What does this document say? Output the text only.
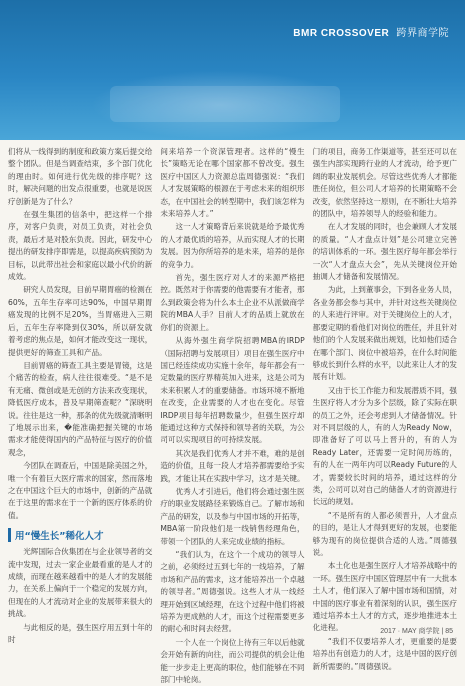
BMR CROSSOVER 跨界商学院

们将从一线得到的制度和政策方案后提交给整个团队。但是当调查结束，多个部门优化的理由时。如何进行优先级的排序呢？这时，解决问题的出发点很重要，也就是说医疗创新是为了什么？

在强生集团的信条中，把这样一个排序，对客户负责，对员工负责，对社会负责，最后才是对股东负责。因此，研发中心提出的研发排序即需是，以提高疾病预防为目标，以此带出社会和家庭以最小代价的新成效。

研究人员发现，目前早期胃癌的检测在60%，五年生存率可达90%，中国早期胃癌发现的比例不足20%，当胃癌进入三期后，五年生存率降到仅30%，所以研发就着考虑的焦点是，如何才能改变这一现状，提供更好的筛查工具和产品。

目前胃癌的筛查工具主要是胃镜，这是个痛苦的检查，病人往往很难受。“是不是有无痛、微创或是无创的方法来改变现状，降低医疗成本，普及早期筛查呢？”深晓明说。往往是这一种，那条的优先级就清晰明了地展示出来，�能准确把握关键的市场需求才能使得国内的产品特征与医疗的价值观念，

今团队在调查后，中国是除美国之外，唯一个有着巨大医疗需求的国家，然而落地之在中国这个巨大的市场中，创新的产品就在于这里的需求在于一个新的医疗体系的价值。

用“慢生长”稀化人才

光辉国际合伙集团在与企业领导者的交流中发现，过去一家企业最看重的是人才的成绩，而现在越来越看中的是人才的发展能力，在关系上偏向于一个稳定的发展方向，但现在的人才流动对企业的发展带来很大的挑战。

与此相反的是，强生医疗用五到十年的时

间来培养一个资深管理者。这样的“慢生长”策略无论在哪个国家都不曾改变。强生医疗中国区人力资源总监周德强说：“我们人才发展策略的根源在于考虑未来的组织形态，在中国社会的转型期中，我们该怎样为未来培养人才。”

这一人才策略背后来说就是给予最优秀的人才最优质的培养，从而实现人才的长期发展。因为你所培养的是未来，培养的是你的竞争力。

首先，强生医疗对人才的来源严格把控。既然对于你需要的他需要有才能者，那么到政策会将为什么本土企业不从派做商学院的MBA人手？目前人才的品质上就放在你们的资源上。

从海外强生商学院招聘MBA的IRDP（国际招聘与发展项目）项目在强生医疗中国已经连续成功实施十余年，每年都会有一定数量的医疗界精英加入进来，这是公司为未来积累人才的重要储备。市场环境不断地在改变，企业需要的人才也在变化。尽管IRDP项目每年招聘数量少，但强生医疗却能通过这种方式保持和领导者的关联，为公司可以实现项目的可持续发展。

其次是我们优秀人才并不难，难的是创造的价值，且每一段人才培养都需要给予实践，才能让其在实践中学习，这才是关键。

优秀人才引进后，他们将会通过强生医疗的职业发展路径来锻炼自己。了解市场和产品的研发，以及参与中国市场的开拓等，MBA第一阶段他们是一线销售经理角色，带领一个团队的人来完成业绩的指标。

“我们认为，在这个一个成功的领导人之前，必须经过五到七年的一线培养，了解市场和产品的需求，这才能培养出一个卓越的领导者。”周德强说。这些人才从一线经理开始到区域经理，在这个过程中他们将被培养为更成熟的人才，而这个过程需要更多的耐心和时间去经营。

一个人在一个岗位上待有三年以后他就会开始有新的向往，而公司提供的机会让他能一步步走上更高的职位，他们能够在不同部门中轮岗。

门的项目，商务工作渠道等，甚至还可以在强生内部实现跨行业的人才流动，给予更广阔的职业发展机会。尽管这些优秀人才都能胜任岗位，但公司人才培养的长期策略不会改变，依然坚持这一原则，在不断壮大培养的团队中，培养领导人的经验和能力。

在人才发展的同时，也会兼顾人才发展的质量。“人才盘点计划”是公司建立完善的培训体系的一环。强生医疗每年都会举行一次“人才盘点大会”，先从关键岗位开始抽调人才储备和发展情况。

为此，上到董事会，下到各业务人员，各业务都会参与其中，并针对这些关键岗位的人来进行评审。对于关键岗位上的人才，都要定期的看他们对岗位的胜任，并且针对他们的个人发展来做出规划，比如他们适合在哪个部门、岗位中被培养，在什么时间能够成长到什么样的水平，以此来让人才的发展有计划。

又由于长工作能力和发展潜质不同，强生医疗将人才分为多个层级，除了实际在职的员工之外，还会考虑到人才储备情况。针对不同层级的人，有的人为Ready Now，即准备好了可以马上晋升的，有的人为Ready Later，还需要一定时间历练的，有的人在一两年内可以Ready Future的人才，需要较长时间的培养，通过这样的分类，公司可以对自己的储备人才的资源进行长远的规划。

“不是所有的人都必须晋升，人才盘点的目的，是让人才得到更好的发展，也要能够为现有的岗位提供合适的人选。”周德强说。

本土化也是强生医疗人才培养战略中的一环。强生医疗中国区管理层中有一大批本土人才，他们深入了解中国市场和国情，对中国的医疗事业有着深刻的认识，强生医疗通过培养本土人才的方式，逐步地推进本土化进程。

“我们不仅要培养人才，更重要的是要培养出有创造力的人才，这是中国的医疗创新所需要的。”周德强说。

2017 · MAY 商学院 | 85
